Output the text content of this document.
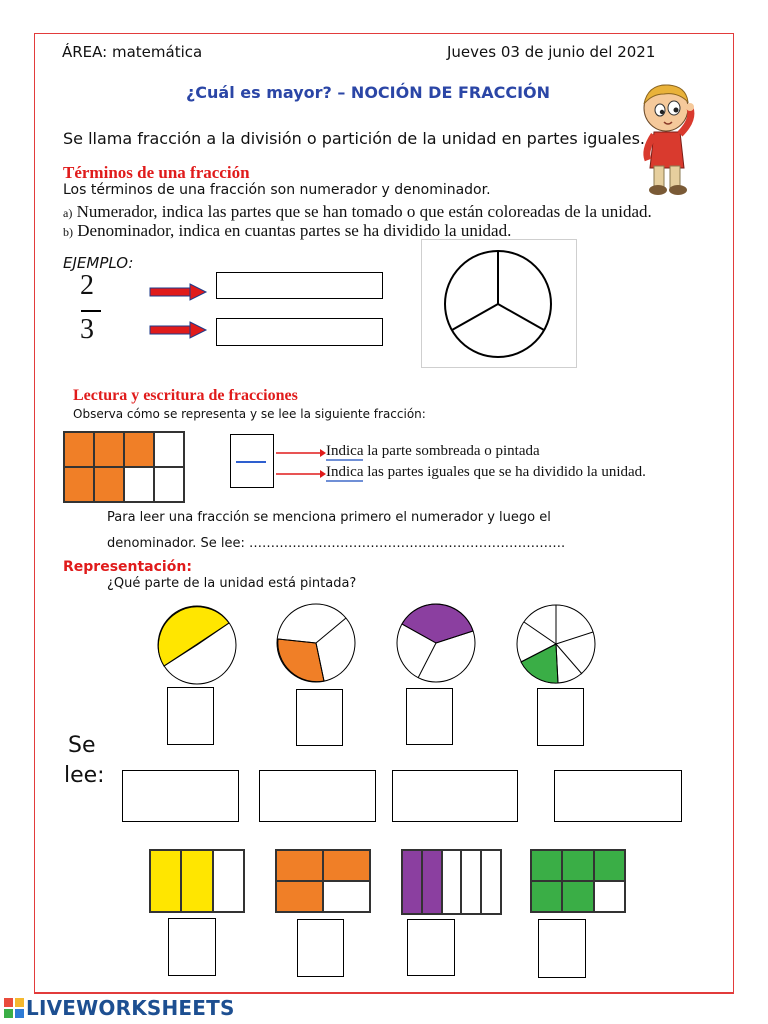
ÁREA: matemática	Jueves 03 de junio del 2021
¿Cuál es mayor? – NOCIÓN DE FRACCIÓN
Se llama fracción a la división o partición de la unidad en partes iguales.
Términos de una fracción
Los términos de una fracción son numerador y denominador.
a) Numerador, indica las partes que se han tomado o que están coloreadas de la unidad.
b) Denominador, indica en cuantas partes se ha dividido la unidad.
EJEMPLO:
2
3
Lectura y escritura de fracciones
Observa cómo se representa y se lee la siguiente fracción:
Indica la parte sombreada o pintada
Indica las partes iguales que se ha dividido la unidad.
Para leer una fracción se menciona primero el numerador y luego el
denominador. Se lee: ……………………………………………………………….
Representación:
¿Qué parte de la unidad está pintada?
Se
lee:
LIVEWORKSHEETS
